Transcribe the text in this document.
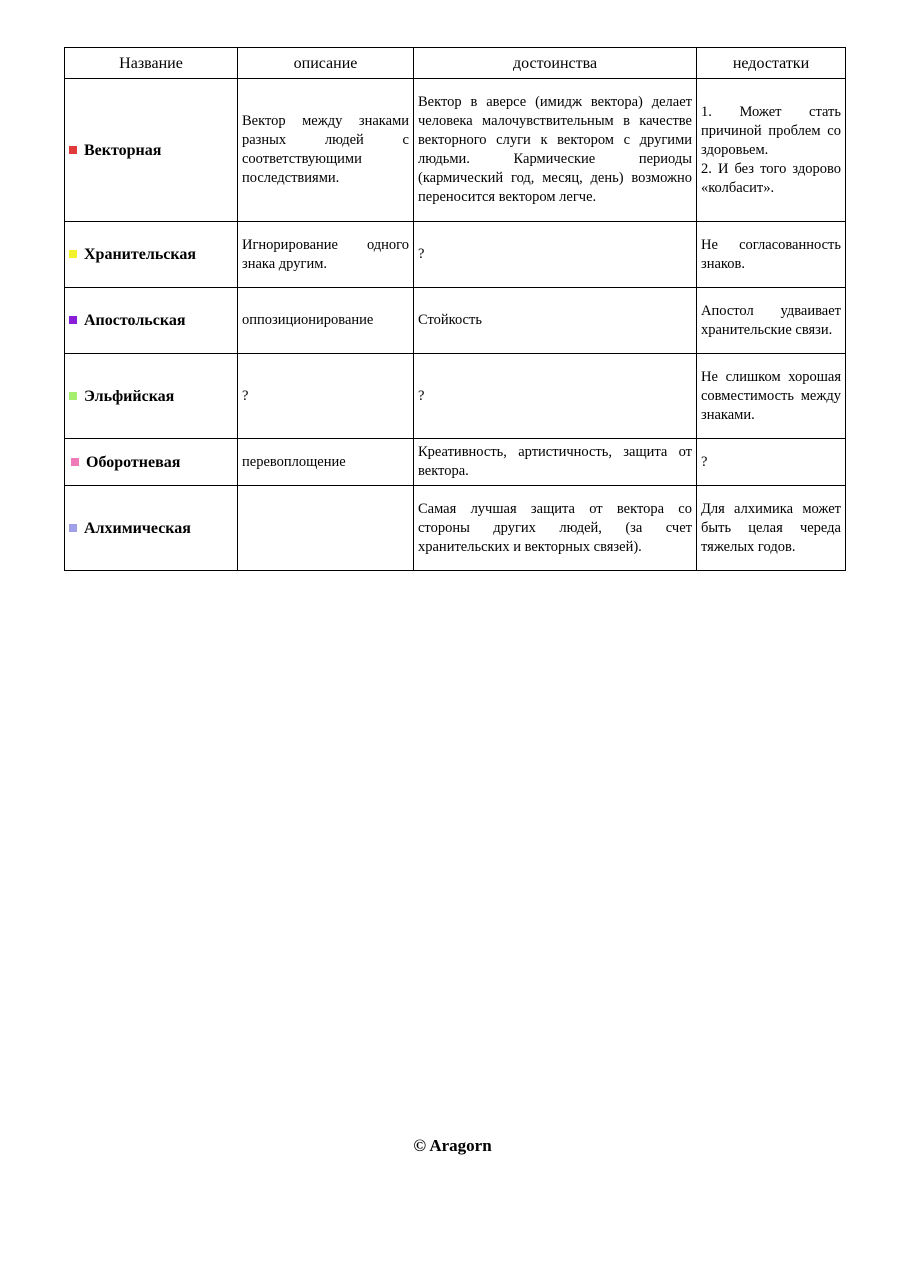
Название	описание	достоинства	недостатки
Векторная	Вектор между знаками разных людей с соответствующими последствиями.	Вектор в аверсе (имидж вектора) делает человека малочувствительным в качестве векторного слуги к вектором с другими людьми. Кармические периоды (кармический год, месяц, день) возможно переносится вектором легче.	1. Может стать причиной проблем со здоровьем.
2. И без того здорово «колбасит».
Хранительская	Игнорирование одного знака другим.	?	Не согласованность знаков.
Апостольская	оппозиционирование	Стойкость	Апостол удваивает хранительские связи.
Эльфийская	?	?	Не слишком хорошая совместимость между знаками.
Оборотневая	перевоплощение	Креативность, артистичность, защита от вектора.	?
Алхимическая		Самая лучшая защита от вектора со стороны других людей, (за счет хранительских и векторных связей).	Для алхимика может быть целая череда тяжелых годов.
© Aragorn
